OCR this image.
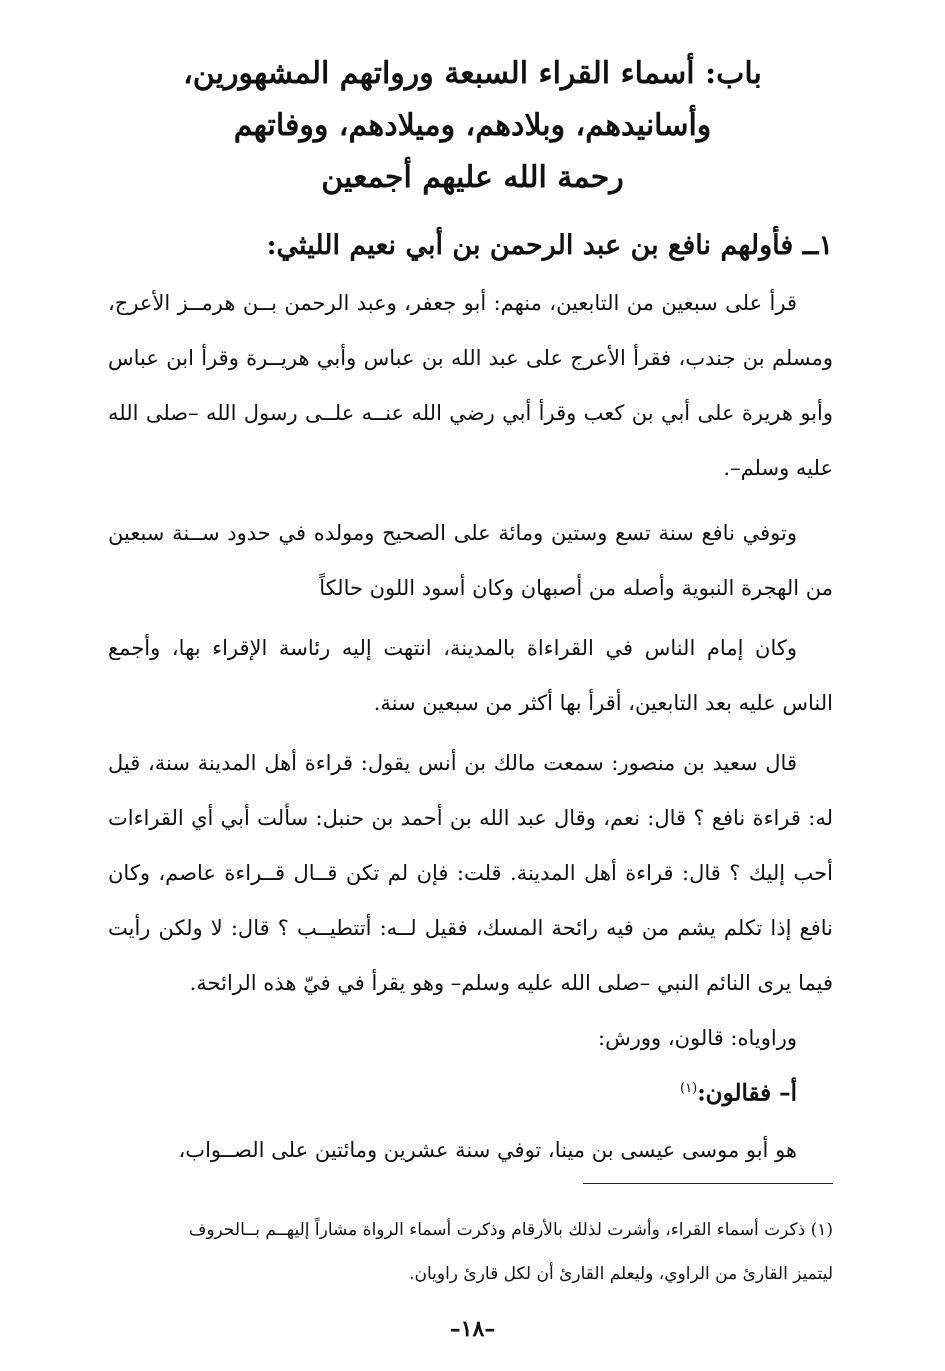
باب: أسماء القراء السبعة ورواتهم المشهورين،
وأسانيدهم، وبلادهم، وميلادهم، ووفاتهم
رحمة الله عليهم أجمعين
١ــ فأولهم نافع بن عبد الرحمن بن أبي نعيم الليثي:

قرأ على سبعين من التابعين، منهم: أبو جعفر، وعبد الرحمن بــن هرمــز الأعرج، ومسلم بن جندب، فقرأ الأعرج على عبد الله بن عباس وأبي هريــرة وقرأ ابن عباس وأبو هريرة على أبي بن كعب وقرأ أبي رضي الله عنــه علــى رسول الله –صلى الله عليه وسلم–.

وتوفي نافع سنة تسع وستين ومائة على الصحيح ومولده في حدود ســنة سبعين من الهجرة النبوية وأصله من أصبهان وكان أسود اللون حالكاً

وكان إمام الناس في القراءاة بالمدينة، انتهت إليه رئاسة الإقراء بها، وأجمع الناس عليه بعد التابعين، أقرأ بها أكثر من سبعين سنة.

قال سعيد بن منصور: سمعت مالك بن أنس يقول: قراءة أهل المدينة سنة، قيل له: قراءة نافع ؟ قال: نعم، وقال عبد الله بن أحمد بن حنبل: سألت أبي أي القراءات أحب إليك ؟ قال: قراءة أهل المدينة. قلت: فإن لم تكن قــال قــراءة عاصم، وكان نافع إذا تكلم يشم من فيه رائحة المسك، فقيل لــه: أتتطيــب ؟ قال: لا ولكن رأيت فيما يرى النائم النبي –صلى الله عليه وسلم– وهو يقرأ في فيّ هذه الرائحة.

وراوياه: قالون، وورش:

أ– فقالون:$^{(١)}$

هو أبو موسى عيسى بن مينا، توفي سنة عشرين ومائتين على الصــواب،

(١) ذكرت أسماء القراء، وأشرت لذلك بالأرقام وذكرت أسماء الرواة مشاراً إليهــم بــالحروف

ليتميز القارئ من الراوي، وليعلم القارئ أن لكل قارئ راويان.

–١٨–
